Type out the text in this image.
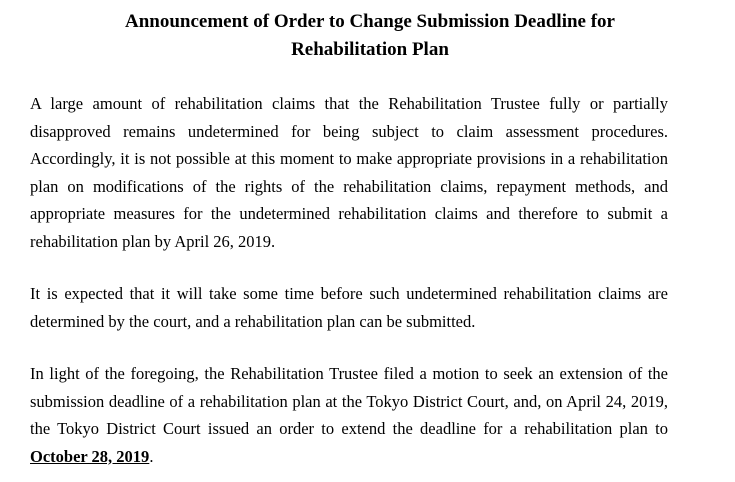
Announcement of Order to Change Submission Deadline for
Rehabilitation Plan

A large amount of rehabilitation claims that the Rehabilitation Trustee fully or partially disapproved remains undetermined for being subject to claim assessment procedures. Accordingly, it is not possible at this moment to make appropriate provisions in a rehabilitation plan on modifications of the rights of the rehabilitation claims, repayment methods, and appropriate measures for the undetermined rehabilitation claims and therefore to submit a rehabilitation plan by April 26, 2019.

It is expected that it will take some time before such undetermined rehabilitation claims are determined by the court, and a rehabilitation plan can be submitted.

In light of the foregoing, the Rehabilitation Trustee filed a motion to seek an extension of the submission deadline of a rehabilitation plan at the Tokyo District Court, and, on April 24, 2019, the Tokyo District Court issued an order to extend the deadline for a rehabilitation plan to October 28, 2019.
